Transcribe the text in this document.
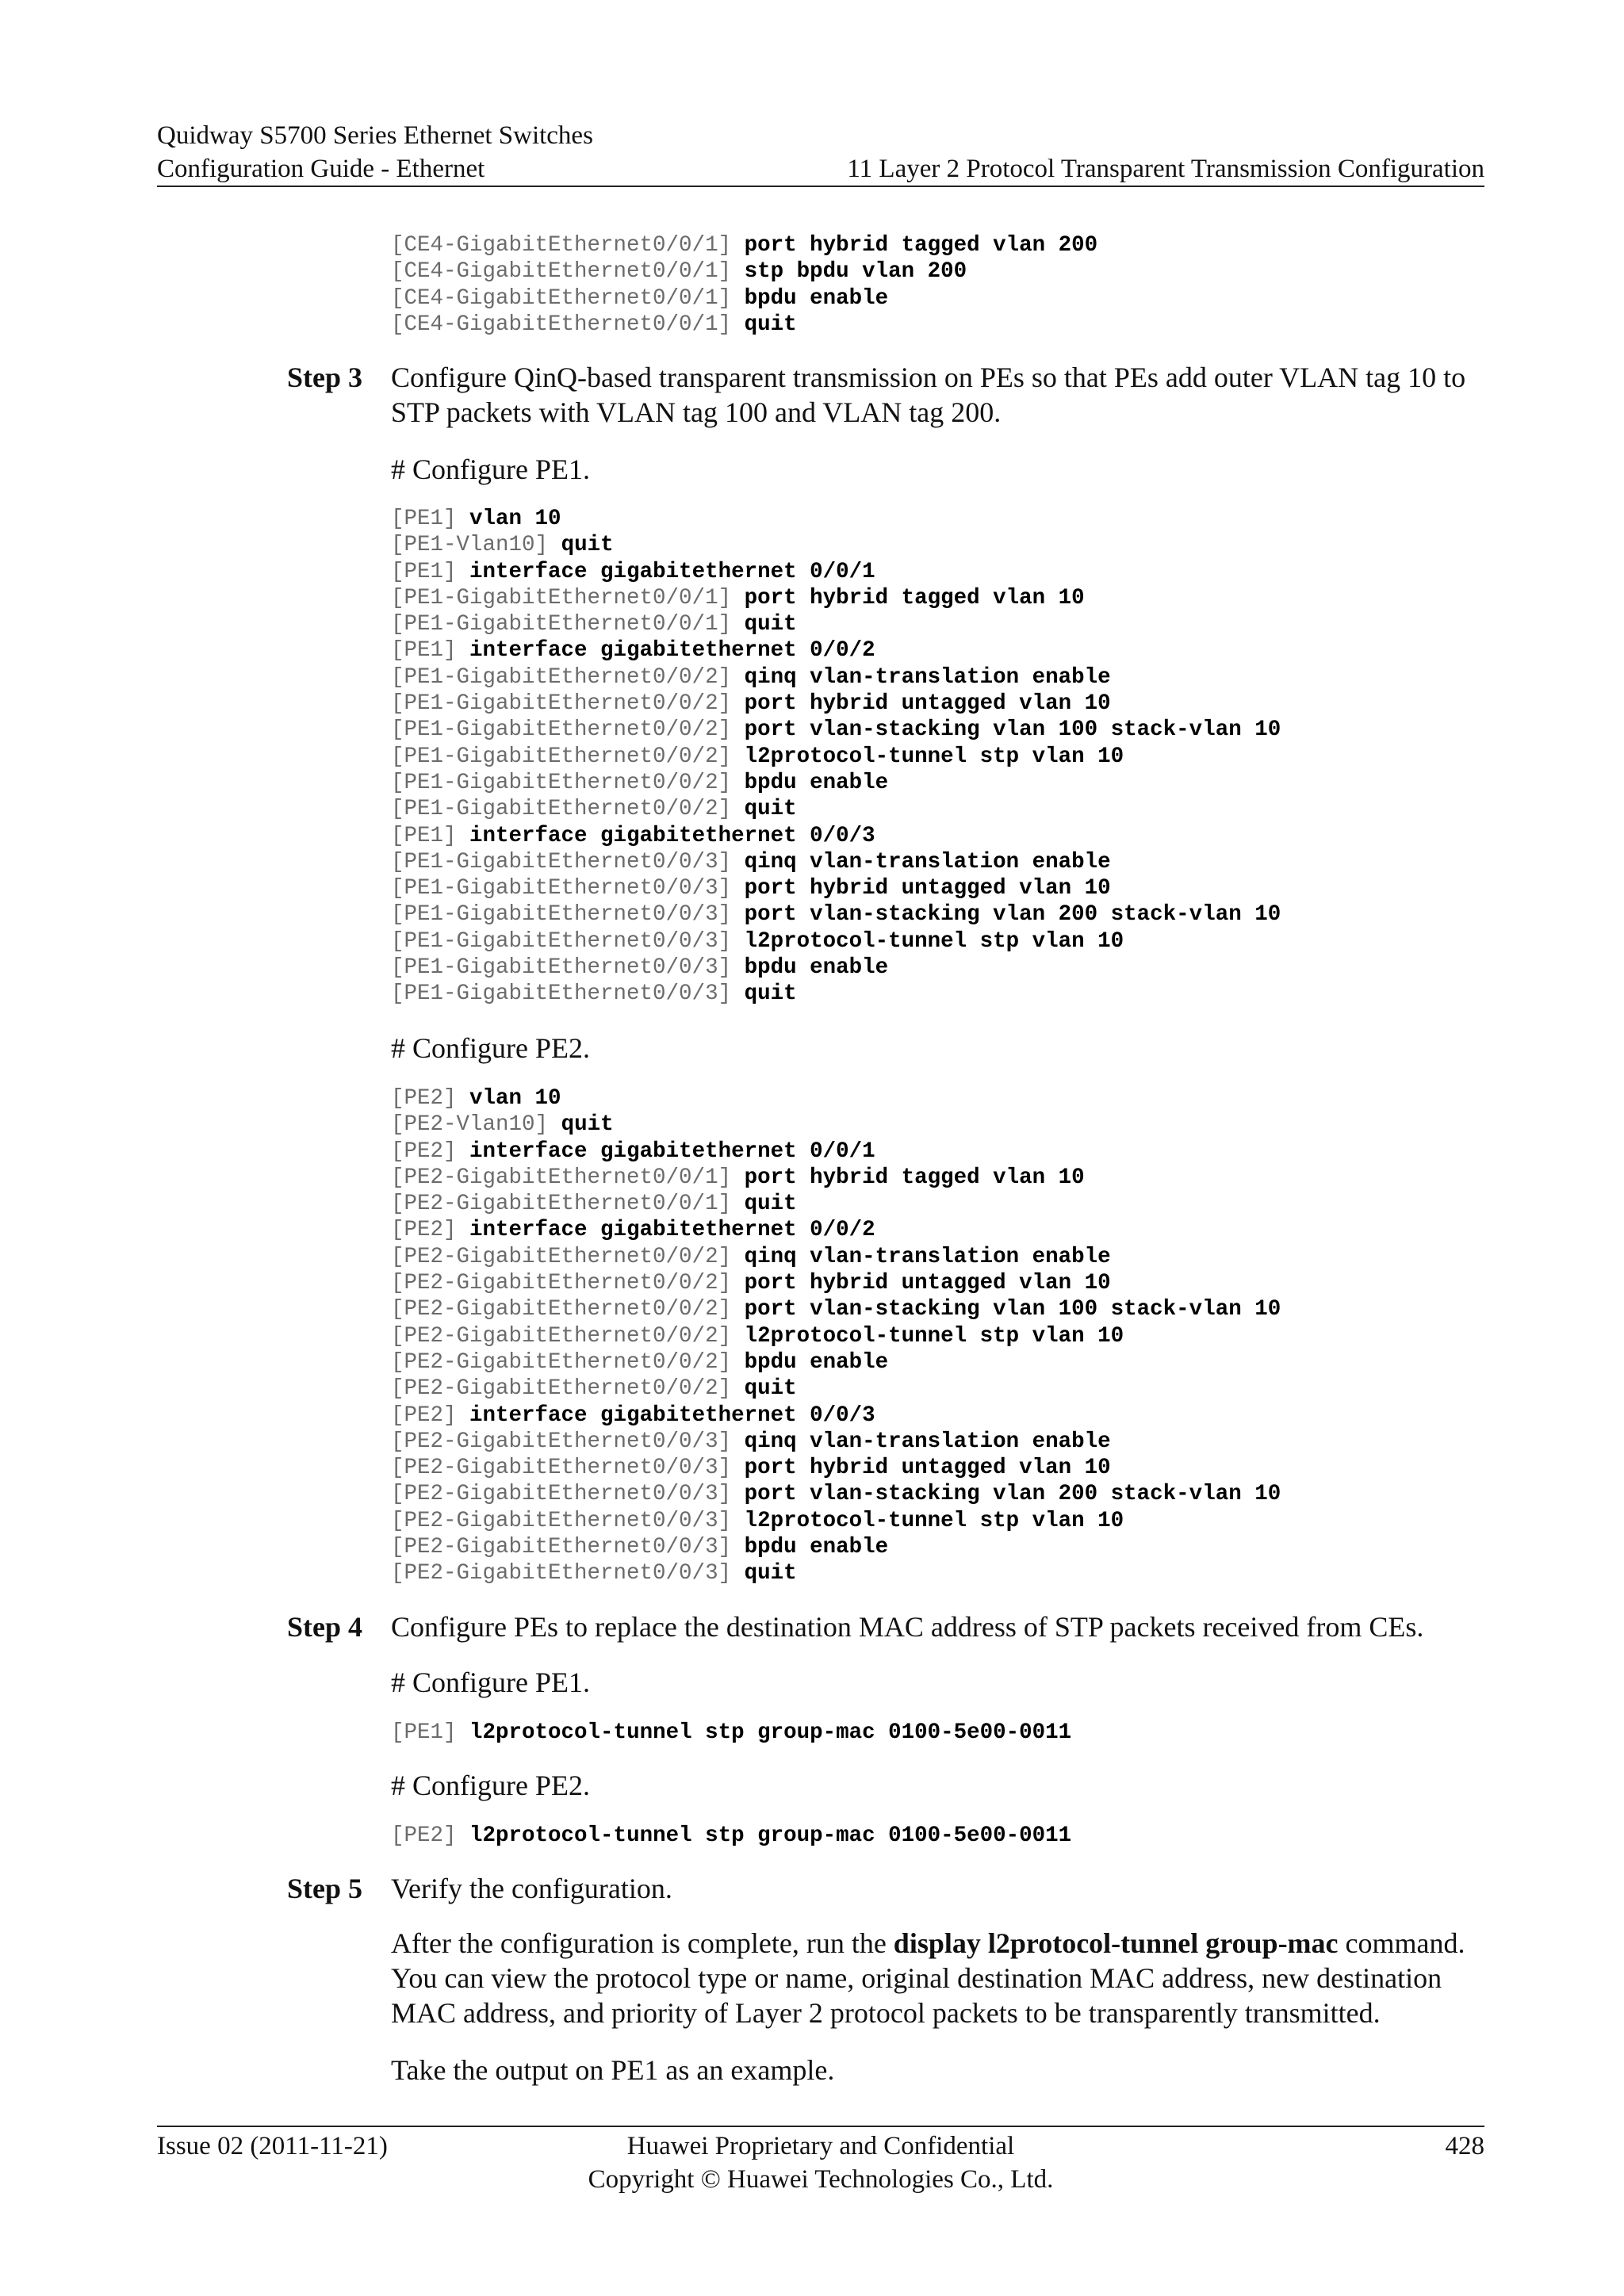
Quidway S5700 Series Ethernet Switches
Configuration Guide - Ethernet	11 Layer 2 Protocol Transparent Transmission Configuration
[CE4-GigabitEthernet0/0/1] port hybrid tagged vlan 200
[CE4-GigabitEthernet0/0/1] stp bpdu vlan 200
[CE4-GigabitEthernet0/0/1] bpdu enable
[CE4-GigabitEthernet0/0/1] quit
Step 3 Configure QinQ-based transparent transmission on PEs so that PEs add outer VLAN tag 10 to
STP packets with VLAN tag 100 and VLAN tag 200.
# Configure PE1.
[PE1] vlan 10
[PE1-Vlan10] quit
[PE1] interface gigabitethernet 0/0/1
[PE1-GigabitEthernet0/0/1] port hybrid tagged vlan 10
[PE1-GigabitEthernet0/0/1] quit
[PE1] interface gigabitethernet 0/0/2
[PE1-GigabitEthernet0/0/2] qinq vlan-translation enable
[PE1-GigabitEthernet0/0/2] port hybrid untagged vlan 10
[PE1-GigabitEthernet0/0/2] port vlan-stacking vlan 100 stack-vlan 10
[PE1-GigabitEthernet0/0/2] l2protocol-tunnel stp vlan 10
[PE1-GigabitEthernet0/0/2] bpdu enable
[PE1-GigabitEthernet0/0/2] quit
[PE1] interface gigabitethernet 0/0/3
[PE1-GigabitEthernet0/0/3] qinq vlan-translation enable
[PE1-GigabitEthernet0/0/3] port hybrid untagged vlan 10
[PE1-GigabitEthernet0/0/3] port vlan-stacking vlan 200 stack-vlan 10
[PE1-GigabitEthernet0/0/3] l2protocol-tunnel stp vlan 10
[PE1-GigabitEthernet0/0/3] bpdu enable
[PE1-GigabitEthernet0/0/3] quit
# Configure PE2.
[PE2] vlan 10
[PE2-Vlan10] quit
[PE2] interface gigabitethernet 0/0/1
[PE2-GigabitEthernet0/0/1] port hybrid tagged vlan 10
[PE2-GigabitEthernet0/0/1] quit
[PE2] interface gigabitethernet 0/0/2
[PE2-GigabitEthernet0/0/2] qinq vlan-translation enable
[PE2-GigabitEthernet0/0/2] port hybrid untagged vlan 10
[PE2-GigabitEthernet0/0/2] port vlan-stacking vlan 100 stack-vlan 10
[PE2-GigabitEthernet0/0/2] l2protocol-tunnel stp vlan 10
[PE2-GigabitEthernet0/0/2] bpdu enable
[PE2-GigabitEthernet0/0/2] quit
[PE2] interface gigabitethernet 0/0/3
[PE2-GigabitEthernet0/0/3] qinq vlan-translation enable
[PE2-GigabitEthernet0/0/3] port hybrid untagged vlan 10
[PE2-GigabitEthernet0/0/3] port vlan-stacking vlan 200 stack-vlan 10
[PE2-GigabitEthernet0/0/3] l2protocol-tunnel stp vlan 10
[PE2-GigabitEthernet0/0/3] bpdu enable
[PE2-GigabitEthernet0/0/3] quit
Step 4 Configure PEs to replace the destination MAC address of STP packets received from CEs.
# Configure PE1.
[PE1] l2protocol-tunnel stp group-mac 0100-5e00-0011
# Configure PE2.
[PE2] l2protocol-tunnel stp group-mac 0100-5e00-0011
Step 5 Verify the configuration.
After the configuration is complete, run the display l2protocol-tunnel group-mac command.
You can view the protocol type or name, original destination MAC address, new destination
MAC address, and priority of Layer 2 protocol packets to be transparently transmitted.
Take the output on PE1 as an example.
Issue 02 (2011-11-21)	Huawei Proprietary and Confidential
Copyright © Huawei Technologies Co., Ltd.
428
